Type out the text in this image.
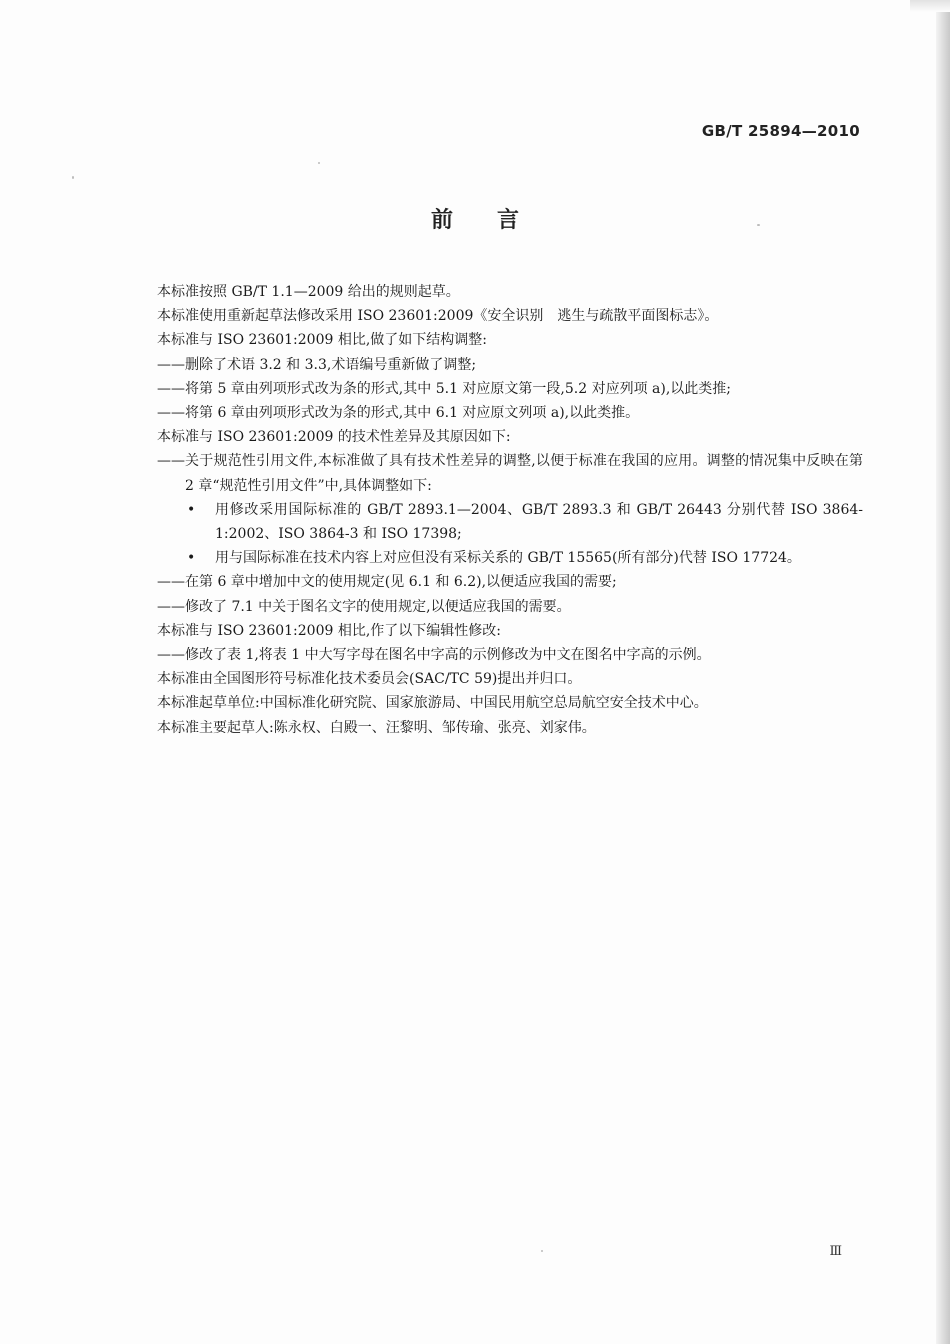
GB/T 25894—2010
前言

本标准按照 GB/T 1.1—2009 给出的规则起草。

本标准使用重新起草法修改采用 ISO 23601:2009《安全识别　逃生与疏散平面图标志》。

本标准与 ISO 23601:2009 相比,做了如下结构调整:

—— 删除了术语 3.2 和 3.3,术语编号重新做了调整;
—— 将第 5 章由列项形式改为条的形式,其中 5.1 对应原文第一段,5.2 对应列项 a),以此类推;
—— 将第 6 章由列项形式改为条的形式,其中 6.1 对应原文列项 a),以此类推。

本标准与 ISO 23601:2009 的技术性差异及其原因如下:

—— 关于规范性引用文件,本标准做了具有技术性差异的调整,以便于标准在我国的应用。调整的情况集中反映在第 2 章“规范性引用文件”中,具体调整如下:
•	用修改采用国际标准的 GB/T 2893.1—2004、GB/T 2893.3 和 GB/T 26443 分别代替 ISO 3864-1:2002、ISO 3864-3 和 ISO 17398;
•	用与国际标准在技术内容上对应但没有采标关系的 GB/T 15565(所有部分)代替 ISO 17724。
—— 在第 6 章中增加中文的使用规定(见 6.1 和 6.2),以便适应我国的需要;
—— 修改了 7.1 中关于图名文字的使用规定,以便适应我国的需要。

本标准与 ISO 23601:2009 相比,作了以下编辑性修改:

—— 修改了表 1,将表 1 中大写字母在图名中字高的示例修改为中文在图名中字高的示例。

本标准由全国图形符号标准化技术委员会(SAC/TC 59)提出并归口。

本标准起草单位:中国标准化研究院、国家旅游局、中国民用航空总局航空安全技术中心。

本标准主要起草人:陈永权、白殿一、汪黎明、邹传瑜、张亮、刘家伟。

Ⅲ
